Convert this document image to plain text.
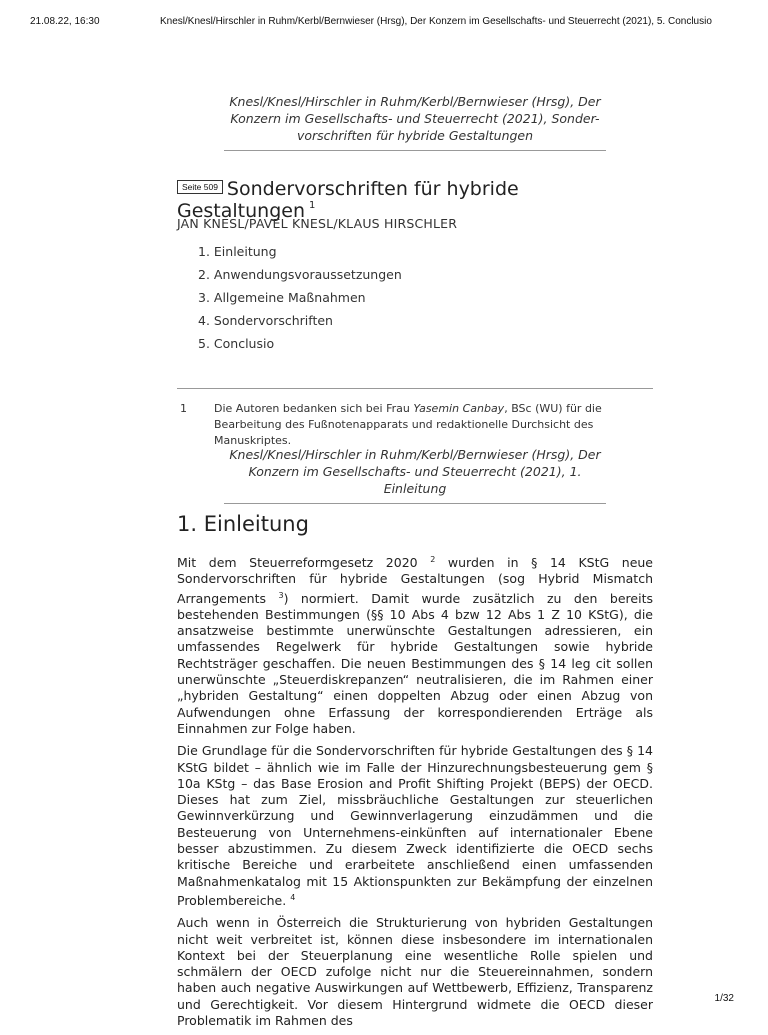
21.08.22, 16:30	Knesl/Knesl/Hirschler in Ruhm/Kerbl/Bernwieser (Hrsg), Der Konzern im Gesellschafts- und Steuerrecht (2021), 5. Conclusio
Knesl/Knesl/Hirschler in Ruhm/Kerbl/Bernwieser (Hrsg), Der Konzern im Gesellschafts- und Steuerrecht (2021), Sonder-vorschriften für hybride Gestaltungen
Seite 509 Sondervorschriften für hybride Gestaltungen $^1$
JAN KNESL/PAVEL KNESL/KLAUS HIRSCHLER
1. Einleitung
2. Anwendungsvoraussetzungen
3. Allgemeine Maßnahmen
4. Sondervorschriften
5. Conclusio
1 Die Autoren bedanken sich bei Frau Yasemin Canbay, BSc (WU) für die Bearbeitung des Fußnotenapparats und redaktionelle Durchsicht des Manuskriptes.
Knesl/Knesl/Hirschler in Ruhm/Kerbl/Bernwieser (Hrsg), Der Konzern im Gesellschafts- und Steuerrecht (2021), 1. Einleitung
1. Einleitung

Mit dem Steuerreformgesetz 2020 $^2$ wurden in § 14 KStG neue Sondervorschriften für hybride Gestaltungen (sog Hybrid Mismatch Arrangements $^3$) normiert. Damit wurde zusätzlich zu den bereits bestehenden Bestimmungen (§§ 10 Abs 4 bzw 12 Abs 1 Z 10 KStG), die ansatzweise bestimmte unerwünschte Gestaltungen adressieren, ein umfassendes Regelwerk für hybride Gestaltungen sowie hybride Rechtsträger geschaffen. Die neuen Bestimmungen des § 14 leg cit sollen unerwünschte „Steuerdiskrepanzen“ neutralisieren, die im Rahmen einer „hybriden Gestaltung“ einen doppelten Abzug oder einen Abzug von Aufwendungen ohne Erfassung der korrespondierenden Erträge als Einnahmen zur Folge haben.

Die Grundlage für die Sondervorschriften für hybride Gestaltungen des § 14 KStG bildet – ähnlich wie im Falle der Hinzurechnungsbesteuerung gem § 10a KStg – das Base Erosion and Profit Shifting Projekt (BEPS) der OECD. Dieses hat zum Ziel, missbräuchliche Gestaltungen zur steuerlichen Gewinnverkürzung und Gewinnverlagerung einzudämmen und die Besteuerung von Unternehmens-einkünften auf internationaler Ebene besser abzustimmen. Zu diesem Zweck identifizierte die OECD sechs kritische Bereiche und erarbeitete anschließend einen umfassenden Maßnahmenkatalog mit 15 Aktionspunkten zur Bekämpfung der einzelnen Problembereiche. $^4$

Auch wenn in Österreich die Strukturierung von hybriden Gestaltungen nicht weit verbreitet ist, können diese insbesondere im internationalen Kontext bei der Steuerplanung eine wesentliche Rolle spielen und schmälern der OECD zufolge nicht nur die Steuereinnahmen, sondern haben auch negative Auswirkungen auf Wettbewerb, Effizienz, Transparenz und Gerechtigkeit. Vor diesem Hintergrund widmete die OECD dieser Problematik im Rahmen des

1/32
